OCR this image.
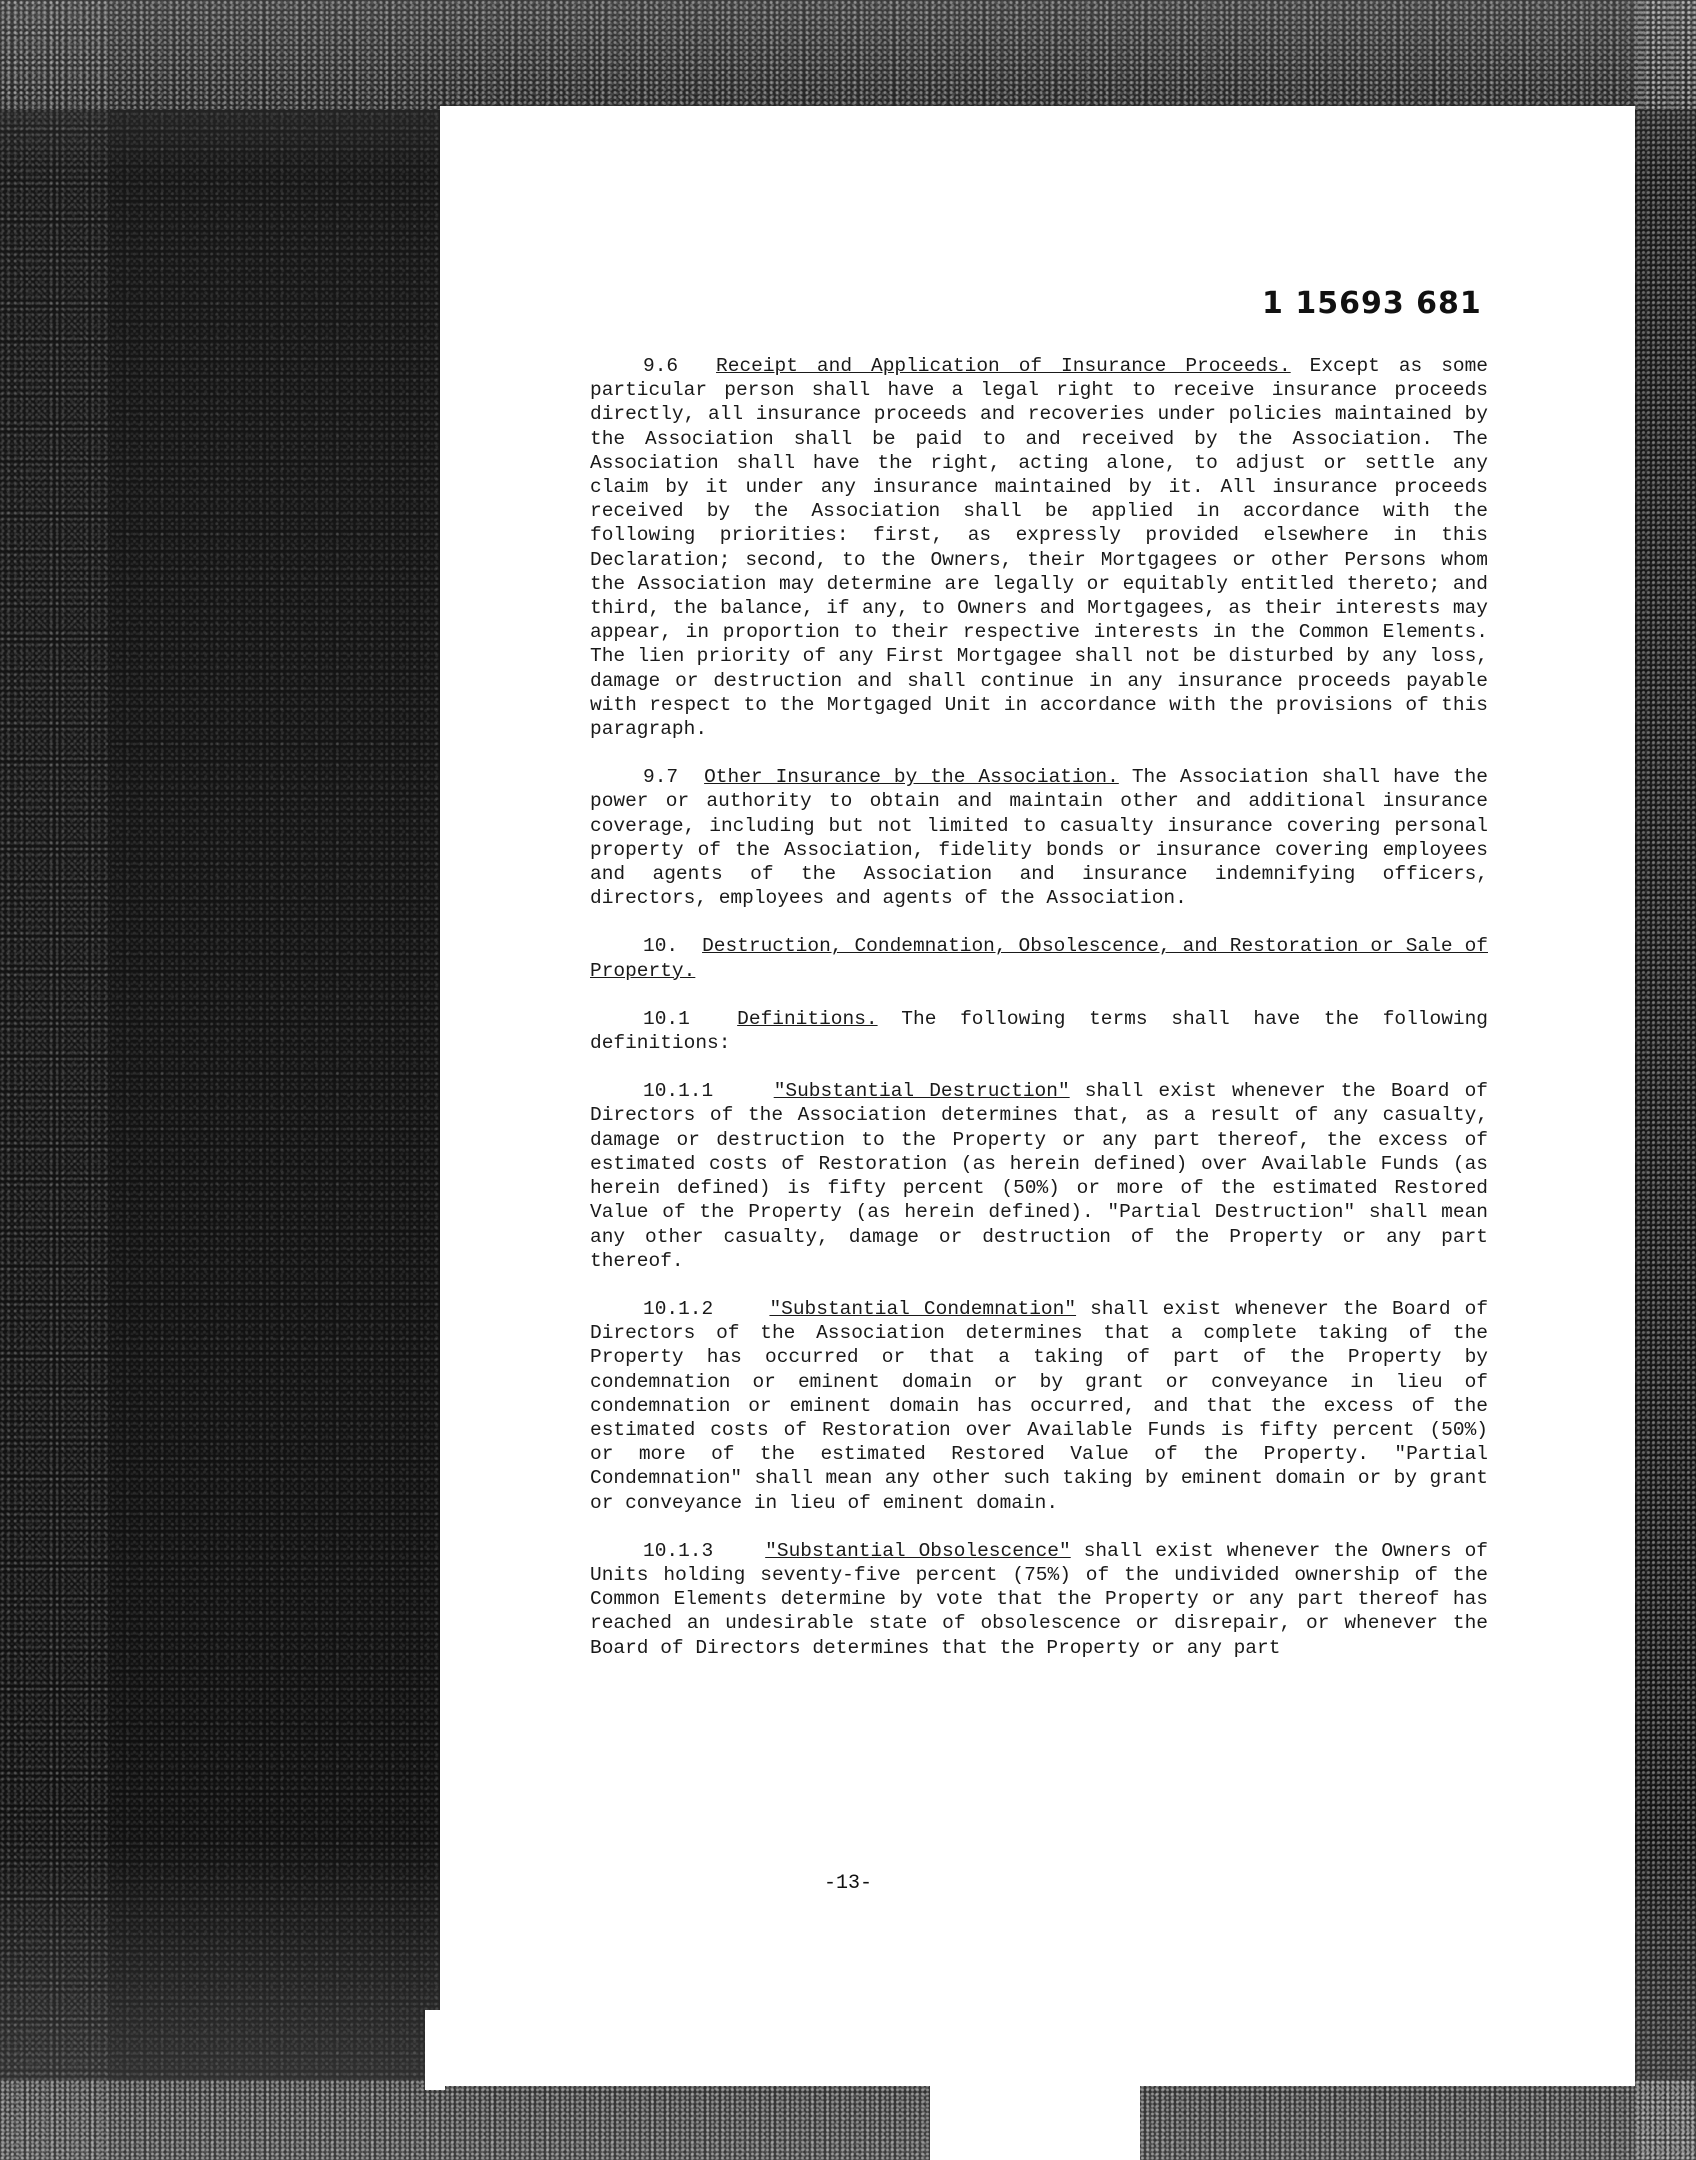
1 15693 681

9.6 Receipt and Application of Insurance Proceeds. Except as some particular person shall have a legal right to receive insurance proceeds directly, all insurance proceeds and recoveries under policies maintained by the Association shall be paid to and received by the Association. The Association shall have the right, acting alone, to adjust or settle any claim by it under any insurance maintained by it. All insurance proceeds received by the Association shall be applied in accordance with the following priorities: first, as expressly provided elsewhere in this Declaration; second, to the Owners, their Mortgagees or other Persons whom the Association may determine are legally or equitably entitled thereto; and third, the balance, if any, to Owners and Mortgagees, as their interests may appear, in proportion to their respective interests in the Common Elements. The lien priority of any First Mortgagee shall not be disturbed by any loss, damage or destruction and shall continue in any insurance proceeds payable with respect to the Mortgaged Unit in accordance with the provisions of this paragraph.

9.7 Other Insurance by the Association. The Association shall have the power or authority to obtain and maintain other and additional insurance coverage, including but not limited to casualty insurance covering personal property of the Association, fidelity bonds or insurance covering employees and agents of the Association and insurance indemnifying officers, directors, employees and agents of the Association.

10. Destruction, Condemnation, Obsolescence, and Restoration or Sale of Property.

10.1 Definitions. The following terms shall have the following definitions:

10.1.1	"Substantial Destruction" shall exist whenever the Board of Directors of the Association determines that, as a result of any casualty, damage or destruction to the Property or any part thereof, the excess of estimated costs of Restoration (as herein defined) over Available Funds (as herein defined) is fifty percent (50%) or more of the estimated Restored Value of the Property (as herein defined). "Partial Destruction" shall mean any other casualty, damage or destruction of the Property or any part thereof.

10.1.2	"Substantial Condemnation" shall exist whenever the Board of Directors of the Association determines that a complete taking of the Property has occurred or that a taking of part of the Property by condemnation or eminent domain or by grant or conveyance in lieu of condemnation or eminent domain has occurred, and that the excess of the estimated costs of Restoration over Available Funds is fifty percent (50%) or more of the estimated Restored Value of the Property. "Partial Condemnation" shall mean any other such taking by eminent domain or by grant or conveyance in lieu of eminent domain.

10.1.3	"Substantial Obsolescence" shall exist whenever the Owners of Units holding seventy-five percent (75%) of the undivided ownership of the Common Elements determine by vote that the Property or any part thereof has reached an undesirable state of obsolescence or disrepair, or whenever the Board of Directors determines that the Property or any part

-13-
